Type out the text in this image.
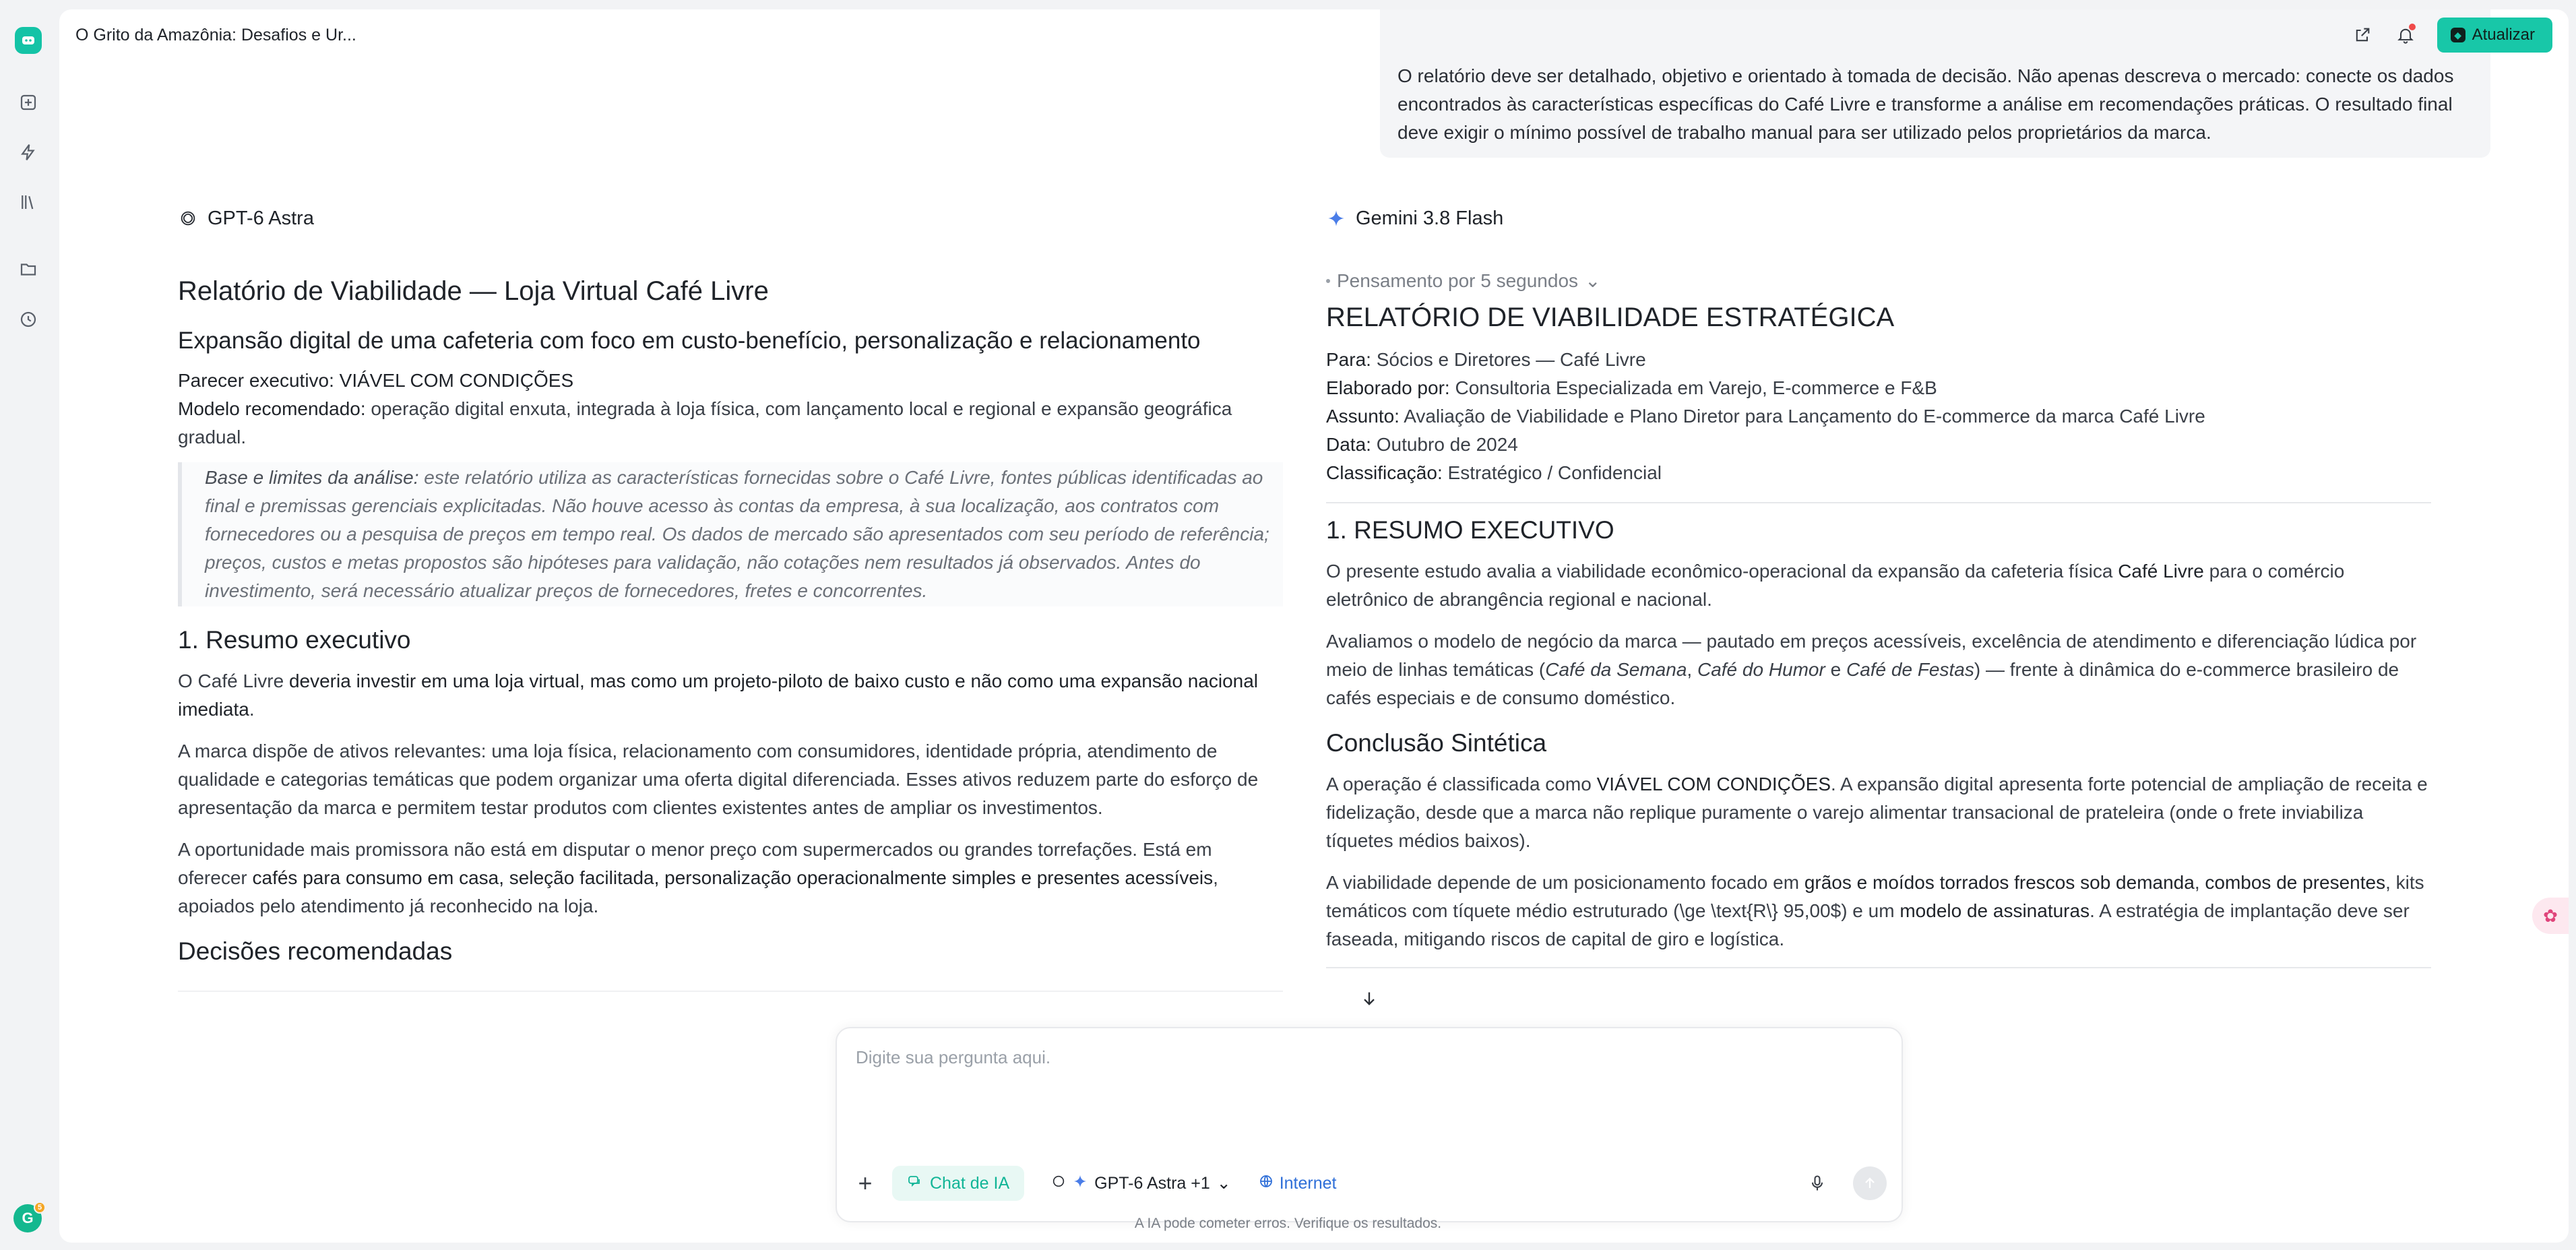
G
5

O relatório deve ser detalhado, objetivo e orientado à tomada de decisão. Não apenas descreva o mercado: conecte os dados encontrados às características específicas do Café Livre e transforme a análise em recomendações práticas. O resultado final deve exigir o mínimo possível de trabalho manual para ser utilizado pelos proprietários da marca.

O Grito da Amazônia: Desafios e Ur...	◆ Atualizar
GPT-6 Astra
Relatório de Viabilidade — Loja Virtual Café Livre
Expansão digital de uma cafeteria com foco em custo-benefício, personalização e relacionamento
Parecer executivo: VIÁVEL COM CONDIÇÕES
Modelo recomendado: operação digital enxuta, integrada à loja física, com lançamento local e regional e expansão geográfica gradual.
Base e limites da análise: este relatório utiliza as características fornecidas sobre o Café Livre, fontes públicas identificadas ao final e premissas gerenciais explicitadas. Não houve acesso às contas da empresa, à sua localização, aos contratos com fornecedores ou a pesquisa de preços em tempo real. Os dados de mercado são apresentados com seu período de referência; preços, custos e metas propostos são hipóteses para validação, não cotações nem resultados já observados. Antes do investimento, será necessário atualizar preços de fornecedores, fretes e concorrentes.
1. Resumo executivo

O Café Livre deveria investir em uma loja virtual, mas como um projeto-piloto de baixo custo e não como uma expansão nacional imediata.

A marca dispõe de ativos relevantes: uma loja física, relacionamento com consumidores, identidade própria, atendimento de qualidade e categorias temáticas que podem organizar uma oferta digital diferenciada. Esses ativos reduzem parte do esforço de apresentação da marca e permitem testar produtos com clientes existentes antes de ampliar os investimentos.

A oportunidade mais promissora não está em disputar o menor preço com supermercados ou grandes torrefações. Está em oferecer cafés para consumo em casa, seleção facilitada, personalização operacionalmente simples e presentes acessíveis, apoiados pelo atendimento já reconhecido na loja.

Decisões recomendadas
Gemini 3.8 Flash
Pensamento por 5 segundos ⌄
RELATÓRIO DE VIABILIDADE ESTRATÉGICA
Para: Sócios e Diretores — Café Livre
Elaborado por: Consultoria Especializada em Varejo, E-commerce e F&B
Assunto: Avaliação de Viabilidade e Plano Diretor para Lançamento do E-commerce da marca Café Livre
Data: Outubro de 2024
Classificação: Estratégico / Confidencial
1. RESUMO EXECUTIVO

O presente estudo avalia a viabilidade econômico-operacional da expansão da cafeteria física Café Livre para o comércio eletrônico de abrangência regional e nacional.

Avaliamos o modelo de negócio da marca — pautado em preços acessíveis, excelência de atendimento e diferenciação lúdica por meio de linhas temáticas (Café da Semana, Café do Humor e Café de Festas) — frente à dinâmica do e-commerce brasileiro de cafés especiais e de consumo doméstico.

Conclusão Sintética

A operação é classificada como VIÁVEL COM CONDIÇÕES. A expansão digital apresenta forte potencial de ampliação de receita e fidelização, desde que a marca não replique puramente o varejo alimentar transacional de prateleira (onde o frete inviabiliza tíquetes médios baixos).

A viabilidade depende de um posicionamento focado em grãos e moídos torrados frescos sob demanda, combos de presentes, kits temáticos com tíquete médio estruturado (\ge \text{R\} 95,00$) e um modelo de assinaturas. A estratégia de implantação deve ser faseada, mitigando riscos de capital de giro e logística.

Digite sua pergunta aqui.
+	Chat de IA	GPT-6 Astra +1 ⌄	Internet
✿
A IA pode cometer erros. Verifique os resultados.
